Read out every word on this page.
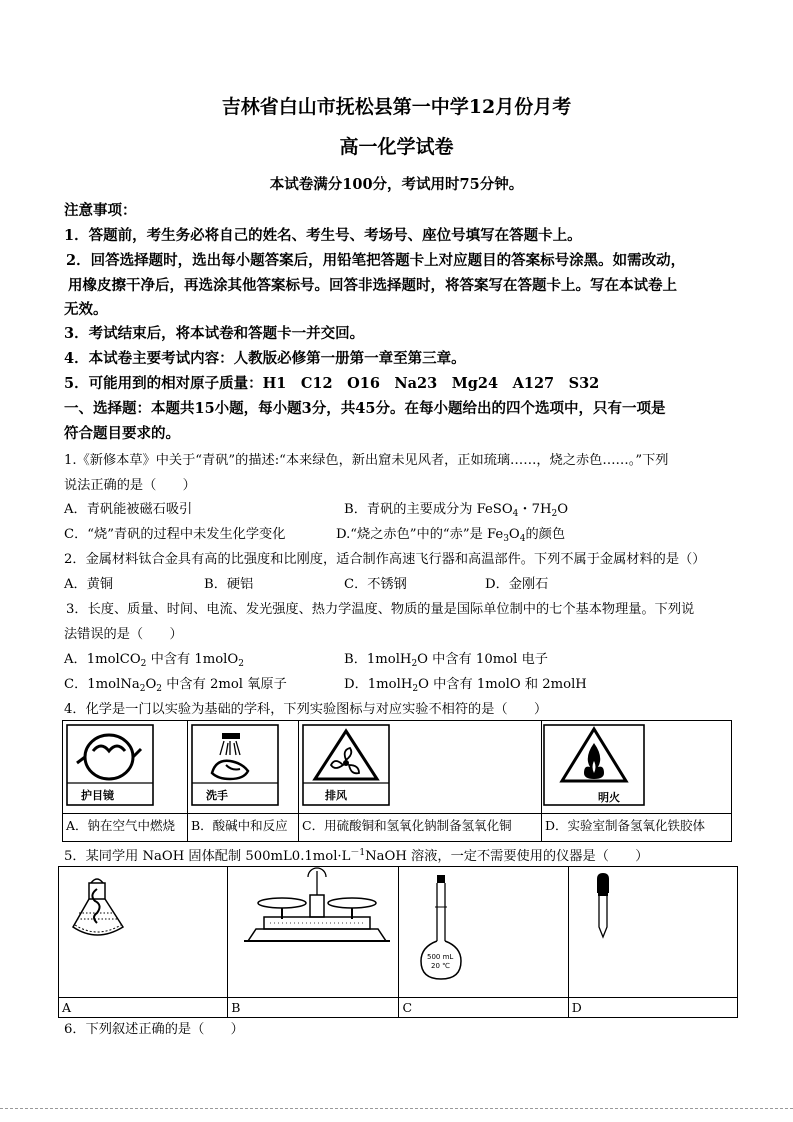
吉林省白山市抚松县第一中学12月份月考
高一化学试卷
本试卷满分100分，考试用时75分钟。
注意事项：
1．答题前，考生务必将自己的姓名、考生号、考场号、座位号填写在答题卡上。
2．回答选择题时，选出每小题答案后，用铅笔把答题卡上对应题目的答案标号涂黑。如需改动，
用橡皮擦干净后，再选涂其他答案标号。回答非选择题时，将答案写在答题卡上。写在本试卷上
无效。
3．考试结束后，将本试卷和答题卡一并交回。
4．本试卷主要考试内容：人教版必修第一册第一章至第三章。
5．可能用到的相对原子质量：H1　C12　O16　Na23　Mg24　A127　S32
一、选择题：本题共15小题，每小题3分，共45分。在每小题给出的四个选项中，只有一项是
符合题目要求的。
1.《新修本草》中关于“青矾”的描述:“本来绿色，新出窟未见风者，正如琉璃……，烧之赤色……。”下列
说法正确的是（　　）
A．青矾能被磁石吸引	B．青矾的主要成分为 FeSO$_4$・$7H_2O$
C．“烧”青矾的过程中未发生化学变化	D.“烧之赤色”中的“赤”是 $Fe_3O_4$的颜色
2．金属材料钛合金具有高的比强度和比刚度，适合制作高速飞行器和高温部件。下列不属于金属材料的是（）
A．黄铜	B．硬铝	C．不锈钢	D．金刚石
3．长度、质量、时间、电流、发光强度、热力学温度、物质的量是国际单位制中的七个基本物理量。下列说
法错误的是（　　）
A．1molCO$_2$ 中含有 1molO$_2$	B．1molH$_2$O 中含有 10mol 电子
C．$1molNa_2O_2$ 中含有 2mol 氧原子	D．1molH$_2$O 中含有 1molO 和 2molH
4．化学是一门以实验为基础的学科，下列实验图标与对应实验不相符的是（　　）
护目镜	洗手	排风	明火

A．钠在空气中燃烧	B．酸碱中和反应	C．用硫酸铜和氢氧化钠制备氢氧化铜	D．实验室制备氢氧化铁胶体
5．某同学用 NaOH 固体配制 $500mL0.1mol\cdot L^{-1}NaOH$ 溶液，一定不需要使用的仪器是（　　）

500 mL
20 ℃

A	B	C	D
6．下列叙述正确的是（　　）
